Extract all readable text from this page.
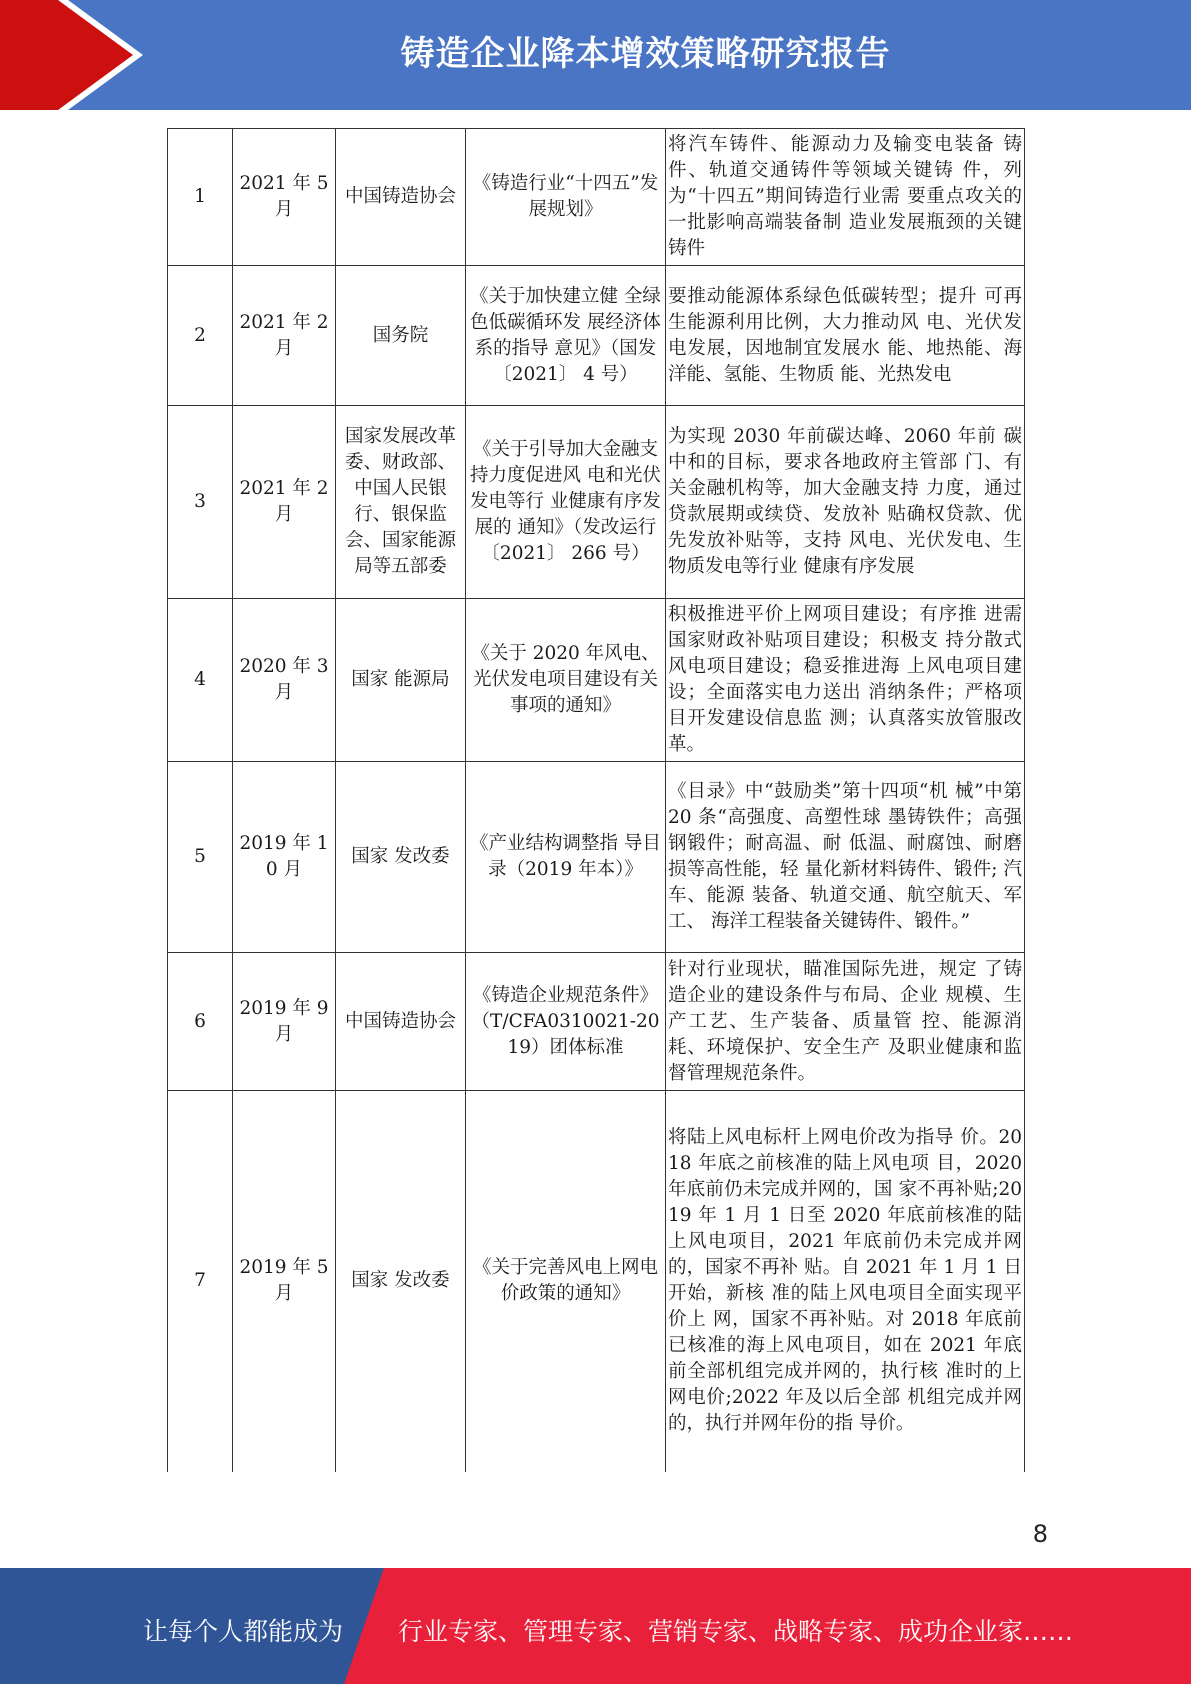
铸造企业降本增效策略研究报告
1	2021 年 5 月	中国铸造协会	《铸造行业“十四五”发展规划》	将汽车铸件、能源动力及输变电装备 铸件、轨道交通铸件等领域关键铸 件，列为“十四五”期间铸造行业需 要重点攻关的一批影响高端装备制 造业发展瓶颈的关键铸件
2	2021 年 2 月	国务院	《关于加快建立健 全绿色低碳循环发 展经济体系的指导 意见》（国发〔2021〕 4 号）	要推动能源体系绿色低碳转型；提升 可再生能源利用比例，大力推动风 电、光伏发电发展，因地制宜发展水 能、地热能、海洋能、氢能、生物质 能、光热发电
3	2021 年 2 月	国家发展改革委、财政部、中国人民银行、银保监会、国家能源局等五部委	《关于引导加大金融支持力度促进风 电和光伏发电等行 业健康有序发展的 通知》（发改运行〔2021〕 266 号）	为实现 2030 年前碳达峰、2060 年前 碳中和的目标，要求各地政府主管部 门、有关金融机构等，加大金融支持 力度，通过贷款展期或续贷、发放补 贴确权贷款、优先发放补贴等，支持 风电、光伏发电、生物质发电等行业 健康有序发展
4	2020 年 3 月	国家 能源局	《关于 2020 年风电、光伏发电项目建设有关事项的通知》	积极推进平价上网项目建设；有序推 进需国家财政补贴项目建设；积极支 持分散式风电项目建设；稳妥推进海 上风电项目建设；全面落实电力送出 消纳条件；严格项目开发建设信息监 测；认真落实放管服改革。
5	2019 年 10 月	国家 发改委	《产业结构调整指 导目录（2019 年本）》	《目录》中“鼓励类”第十四项“机 械”中第 20 条“高强度、高塑性球 墨铸铁件；高强钢锻件；耐高温、耐 低温、耐腐蚀、耐磨损等高性能，轻 量化新材料铸件、锻件; 汽车、能源 装备、轨道交通、航空航天、军工、 海洋工程装备关键铸件、锻件。”
6	2019 年 9 月	中国铸造协会	《铸造企业规范条件》（T/CFA0310021-2019）团体标准	针对行业现状，瞄准国际先进，规定 了铸造企业的建设条件与布局、企业 规模、生产工艺、生产装备、质量管 控、能源消耗、环境保护、安全生产 及职业健康和监督管理规范条件。
7	2019 年 5 月	国家 发改委	《关于完善风电上网电价政策的通知》	将陆上风电标杆上网电价改为指导 价。2018 年底之前核准的陆上风电项 目，2020 年底前仍未完成并网的，国 家不再补贴;2019 年 1 月 1 日至 2020 年底前核准的陆上风电项目，2021 年底前仍未完成并网的，国家不再补 贴。自 2021 年 1 月 1 日开始，新核 准的陆上风电项目全面实现平价上 网，国家不再补贴。对 2018 年底前 已核准的海上风电项目，如在 2021 年底前全部机组完成并网的，执行核 准时的上网电价;2022 年及以后全部 机组完成并网的，执行并网年份的指 导价。
8
让每个人都能成为 行业专家、管理专家、营销专家、战略专家、成功企业家……
